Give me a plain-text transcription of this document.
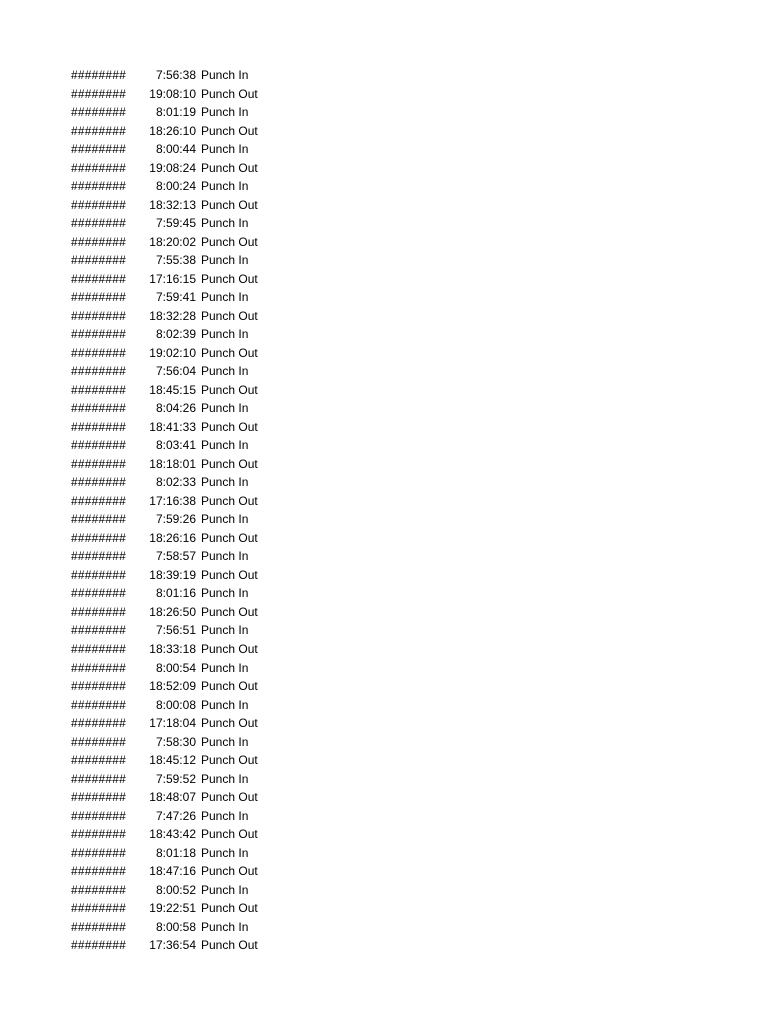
########	7:56:38 Punch In
########	19:08:10 Punch Out
########	8:01:19 Punch In
########	18:26:10 Punch Out
########	8:00:44 Punch In
########	19:08:24 Punch Out
########	8:00:24 Punch In
########	18:32:13 Punch Out
########	7:59:45 Punch In
########	18:20:02 Punch Out
########	7:55:38 Punch In
########	17:16:15 Punch Out
########	7:59:41 Punch In
########	18:32:28 Punch Out
########	8:02:39 Punch In
########	19:02:10 Punch Out
########	7:56:04 Punch In
########	18:45:15 Punch Out
########	8:04:26 Punch In
########	18:41:33 Punch Out
########	8:03:41 Punch In
########	18:18:01 Punch Out
########	8:02:33 Punch In
########	17:16:38 Punch Out
########	7:59:26 Punch In
########	18:26:16 Punch Out
########	7:58:57 Punch In
########	18:39:19 Punch Out
########	8:01:16 Punch In
########	18:26:50 Punch Out
########	7:56:51 Punch In
########	18:33:18 Punch Out
########	8:00:54 Punch In
########	18:52:09 Punch Out
########	8:00:08 Punch In
########	17:18:04 Punch Out
########	7:58:30 Punch In
########	18:45:12 Punch Out
########	7:59:52 Punch In
########	18:48:07 Punch Out
########	7:47:26 Punch In
########	18:43:42 Punch Out
########	8:01:18 Punch In
########	18:47:16 Punch Out
########	8:00:52 Punch In
########	19:22:51 Punch Out
########	8:00:58 Punch In
########	17:36:54 Punch Out
